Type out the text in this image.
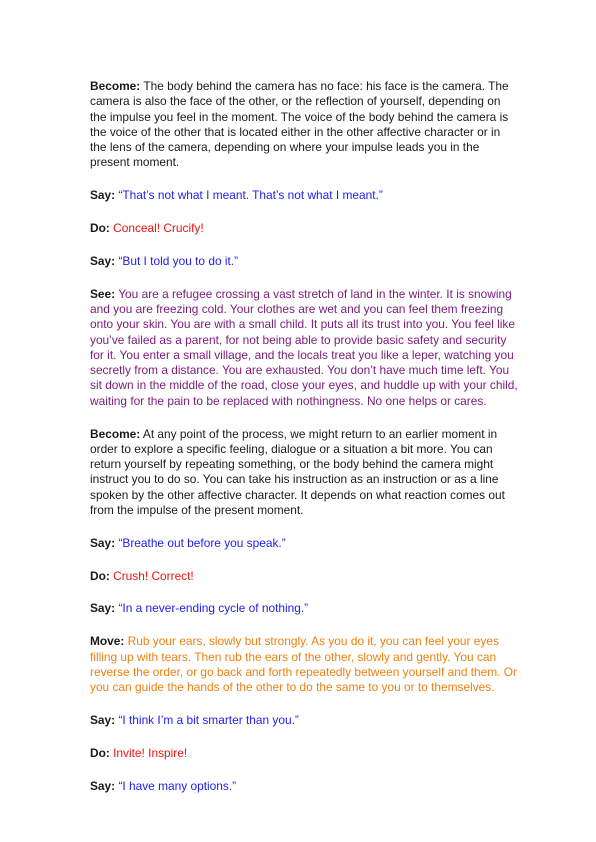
Become: The body behind the camera has no face: his face is the camera. The camera is also the face of the other, or the reflection of yourself, depending on the impulse you feel in the moment. The voice of the body behind the camera is the voice of the other that is located either in the other affective character or in the lens of the camera, depending on where your impulse leads you in the present moment.

Say: “That’s not what I meant. That’s not what I meant.”

Do: Conceal! Crucify!

Say: “But I told you to do it.”

See: You are a refugee crossing a vast stretch of land in the winter. It is snowing and you are freezing cold. Your clothes are wet and you can feel them freezing onto your skin. You are with a small child. It puts all its trust into you. You feel like you’ve failed as a parent, for not being able to provide basic safety and security for it. You enter a small village, and the locals treat you like a leper, watching you secretly from a distance. You are exhausted. You don’t have much time left. You sit down in the middle of the road, close your eyes, and huddle up with your child, waiting for the pain to be replaced with nothingness. No one helps or cares.

Become: At any point of the process, we might return to an earlier moment in order to explore a specific feeling, dialogue or a situation a bit more. You can return yourself by repeating something, or the body behind the camera might instruct you to do so. You can take his instruction as an instruction or as a line spoken by the other affective character. It depends on what reaction comes out from the impulse of the present moment.

Say: “Breathe out before you speak.”

Do: Crush! Correct!

Say: “In a never-ending cycle of nothing.”

Move: Rub your ears, slowly but strongly. As you do it, you can feel your eyes filling up with tears. Then rub the ears of the other, slowly and gently. You can reverse the order, or go back and forth repeatedly between yourself and them. Or you can guide the hands of the other to do the same to you or to themselves.

Say: “I think I’m a bit smarter than you.”

Do: Invite! Inspire!

Say: “I have many options.”
